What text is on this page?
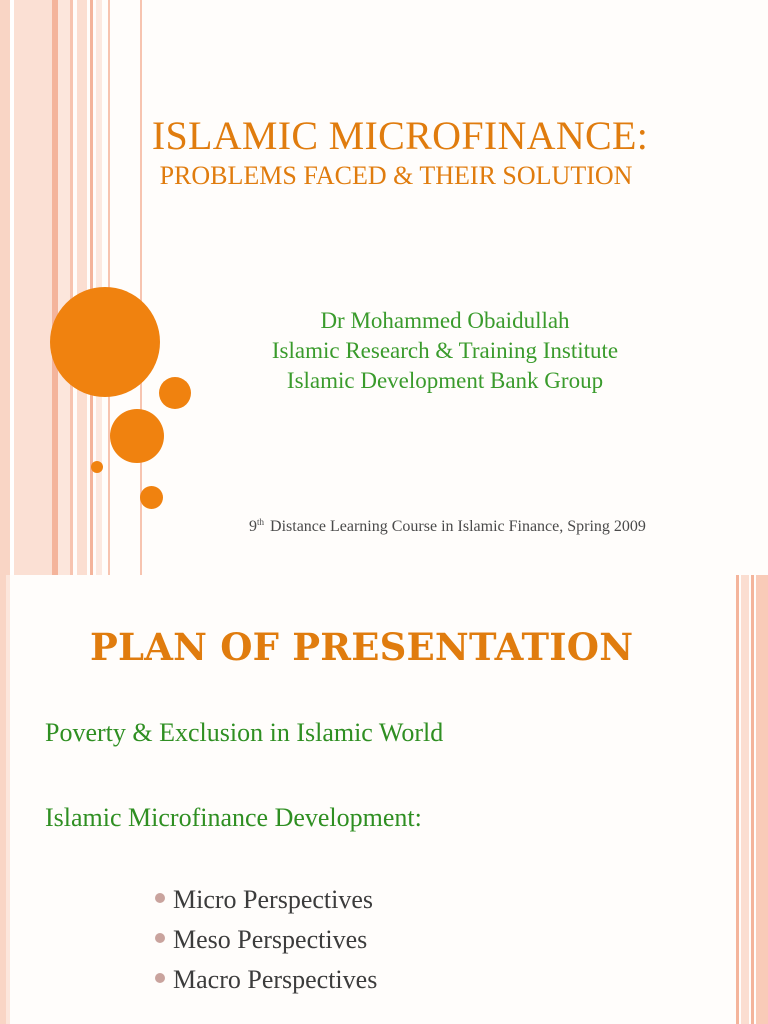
ISLAMIC MICROFINANCE:
PROBLEMS FACED & THEIR SOLUTION
Dr Mohammed Obaidullah
Islamic Research & Training Institute
Islamic Development Bank Group
9th Distance Learning Course in Islamic Finance, Spring 2009
PLAN OF PRESENTATION
Poverty & Exclusion in Islamic World
Islamic Microfinance Development:
Micro Perspectives
Meso Perspectives
Macro Perspectives
